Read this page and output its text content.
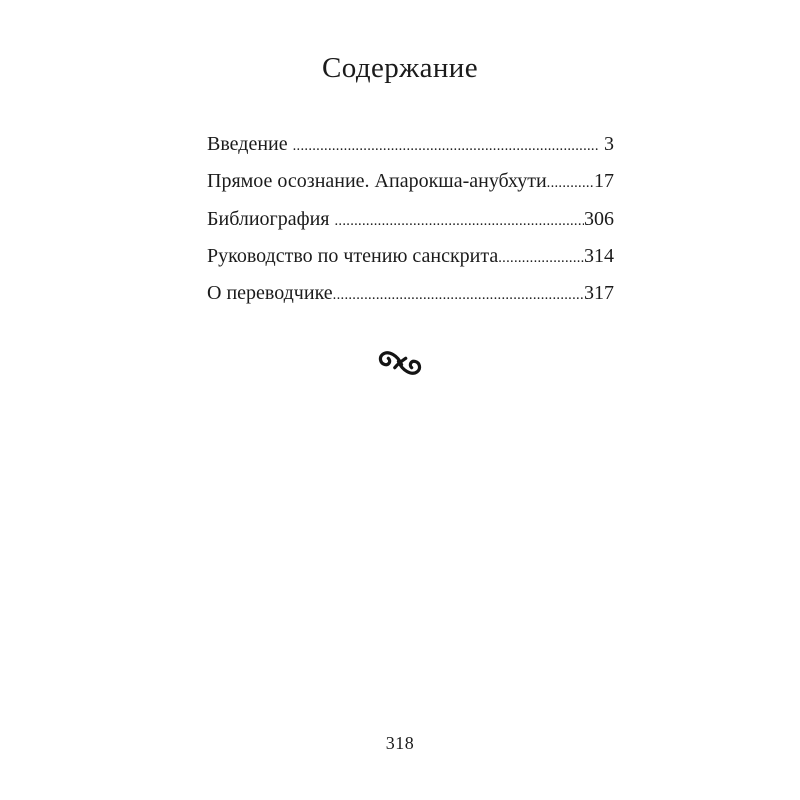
Содержание
Введение .....	3
Прямое осознание. Апарокша-анубхути ..... 17
Библиография .....	306
Руководство по чтению санскрита .....	314
О переводчике .....	317
318
